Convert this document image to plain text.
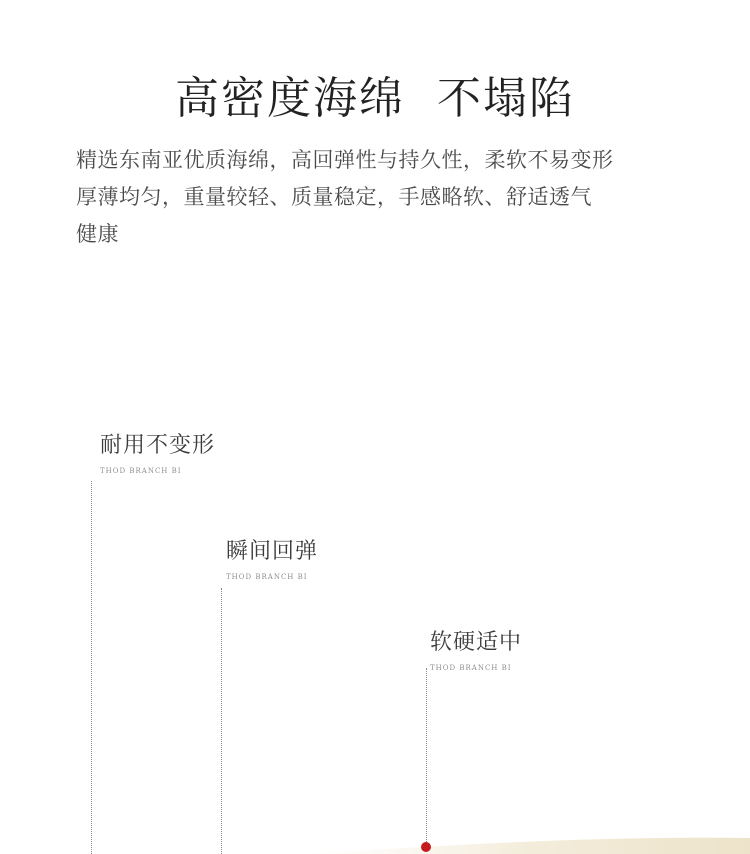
高密度海绵  不塌陷
精选东南亚优质海绵，高回弹性与持久性，柔软不易变形
厚薄均匀，重量较轻、质量稳定，手感略软、舒适透气
健康
耐用不变形
THOD BRANCH BI
瞬间回弹
THOD BRANCH BI
软硬适中
THOD BRANCH BI
